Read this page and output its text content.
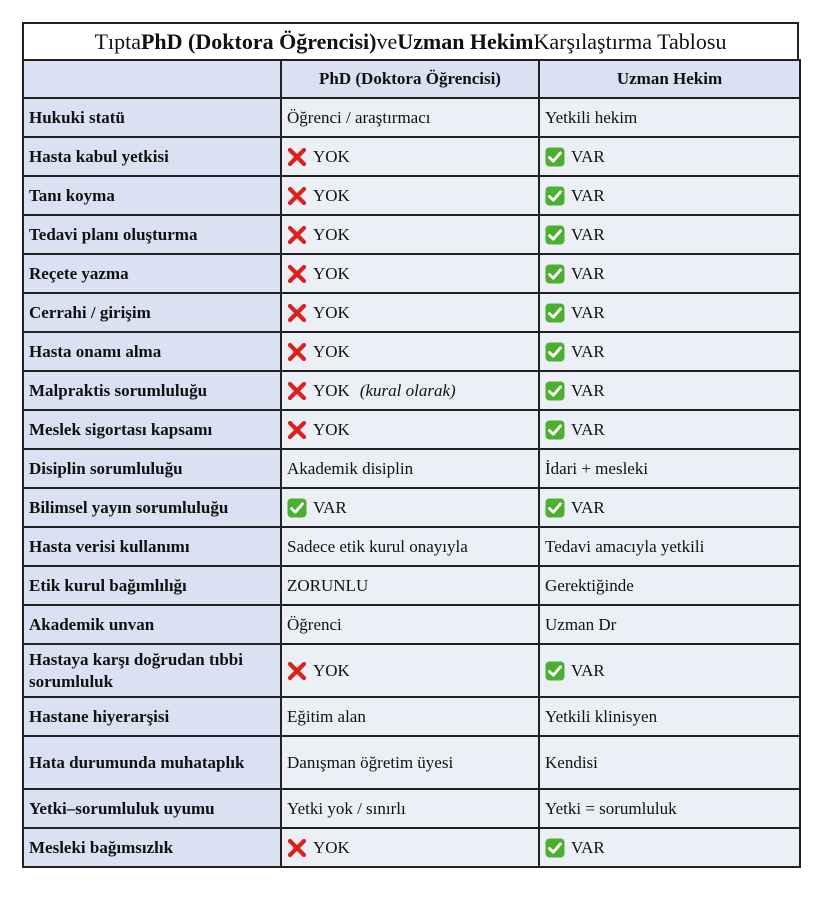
Tıpta PhD (Doktora Öğrencisi) ve Uzman Hekim Karşılaştırma Tablosu
	PhD (Doktora Öğrencisi)	Uzman Hekim
Hukuki statü	Öğrenci / araştırmacı	Yetkili hekim

Hasta kabul yetkisi	YOK	VAR

Tanı koyma	YOK	VAR

Tedavi planı oluşturma	YOK	VAR

Reçete yazma	YOK	VAR

Cerrahi / girişim	YOK	VAR

Hasta onamı alma	YOK	VAR

Malpraktis sorumluluğu	YOK (kural olarak)	VAR

Meslek sigortası kapsamı	YOK	VAR

Disiplin sorumluluğu	Akademik disiplin	İdari + mesleki

Bilimsel yayın sorumluluğu	VAR	VAR

Hasta verisi kullanımı	Sadece etik kurul onayıyla	Tedavi amacıyla yetkili

Etik kurul bağımlılığı	ZORUNLU	Gerektiğinde

Akademik unvan	Öğrenci	Uzman Dr

Hastaya karşı doğrudan tıbbi sorumluluk	YOK	VAR

Hastane hiyerarşisi	Eğitim alan	Yetkili klinisyen

Hata durumunda muhataplık	Danışman öğretim üyesi	Kendisi

Yetki–sorumluluk uyumu	Yetki yok / sınırlı	Yetki = sorumluluk

Mesleki bağımsızlık	YOK	VAR
